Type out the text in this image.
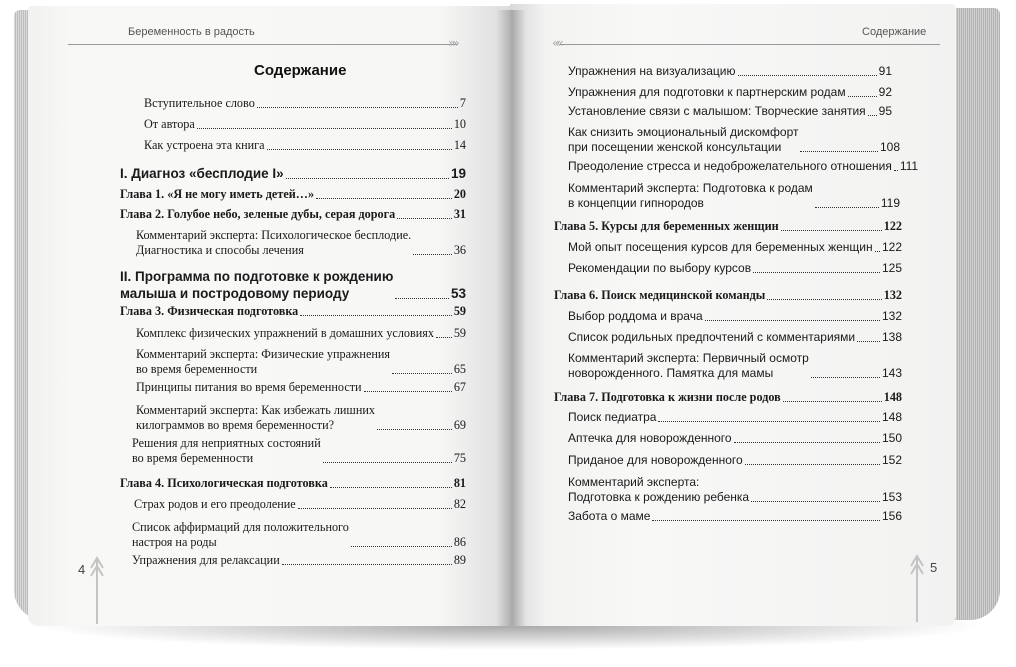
Беременность в радость
»»
Содержание
Вступительное слово	7
От автора	10
Как устроена эта книга	14
I. Диагноз «бесплодие I»	19
Глава 1. «Я не могу иметь детей…»	20
Глава 2. Голубое небо, зеленые дубы, серая дорога	31
Комментарий эксперта: Психологическое бесплодие.
Диагностика и способы лечения	36
II. Программа по подготовке к рождению
малыша и постродовому периоду	53
Глава 3. Физическая подготовка	59
Комплекс физических упражнений в домашних условиях 59
Комментарий эксперта: Физические упражнения
во время беременности	65
Принципы питания во время беременности	67
Комментарий эксперта: Как избежать лишних
килограммов во время беременности?	69
Решения для неприятных состояний
во время беременности	75
Глава 4. Психологическая подготовка	81
Страх родов и его преодоление	82
Список аффирмаций для положительного
настроя на роды	86
Упражнения для релаксации	89
4
««
Содержание
Упражнения на визуализацию	91
Упражнения для подготовки к партнерским родам	92
Установление связи с малышом: Творческие занятия 95
Как снизить эмоциональный дискомфорт
при посещении женской консультации	108
Преодоление стресса и недоброжелательного отношения 111
Комментарий эксперта: Подготовка к родам
в концепции гипнородов	119
Глава 5. Курсы для беременных женщин	122
Мой опыт посещения курсов для беременных женщин 122
Рекомендации по выбору курсов	125
Глава 6. Поиск медицинской команды	132
Выбор роддома и врача	132
Список родильных предпочтений с комментариями 138
Комментарий эксперта: Первичный осмотр
новорожденного. Памятка для мамы	143
Глава 7. Подготовка к жизни после родов	148
Поиск педиатра	148
Аптечка для новорожденного	150
Приданое для новорожденного	152
Комментарий эксперта:
Подготовка к рождению ребенка	153
Забота о маме	156
5
